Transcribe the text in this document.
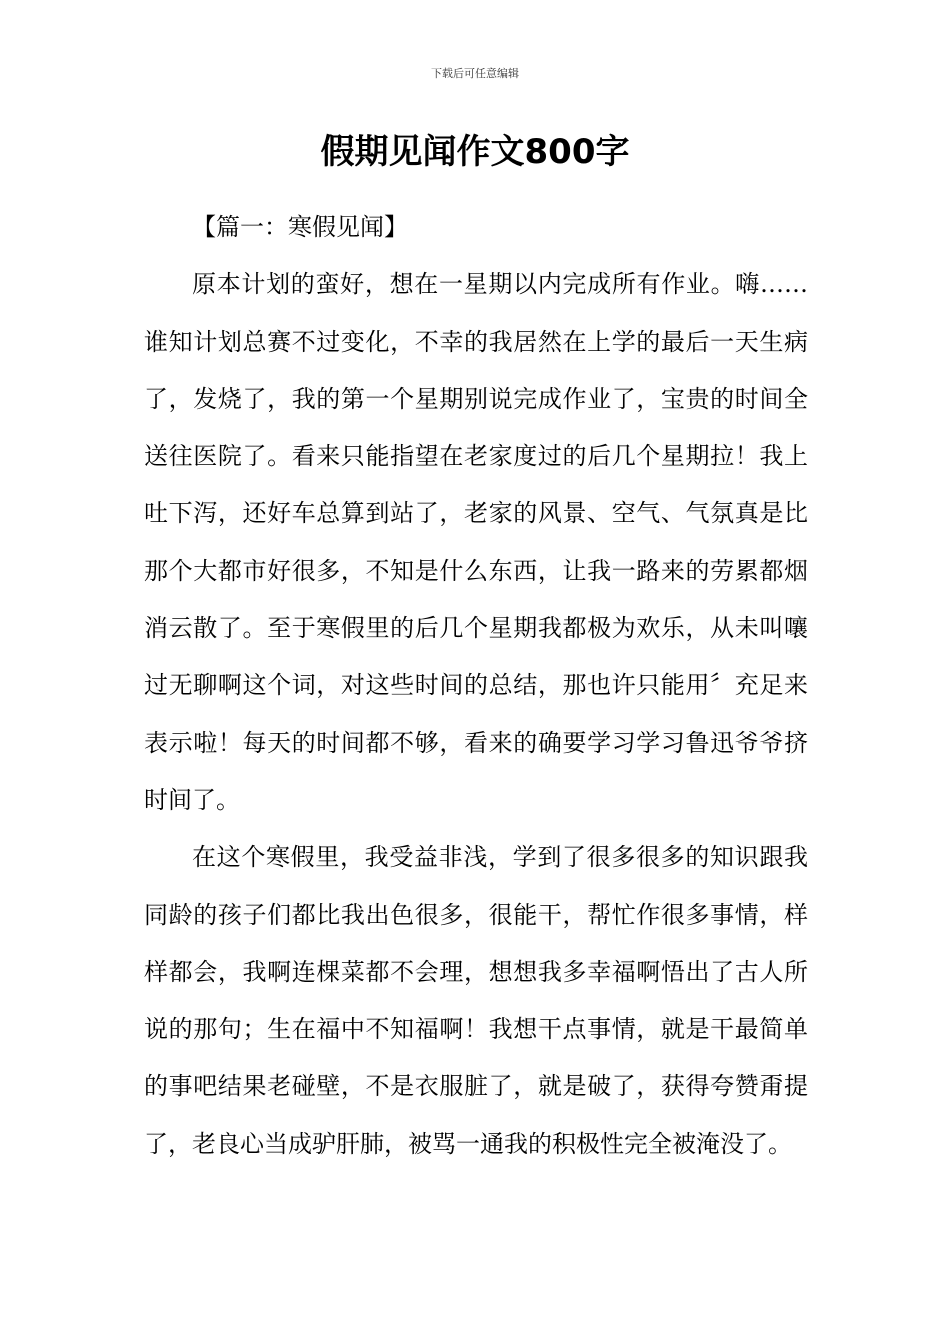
下载后可任意编辑
假期见闻作文800字

【篇一：寒假见闻】

原本计划的蛮好，想在一星期以内完成所有作业。嗨……谁知计划总赛不过变化，不幸的我居然在上学的最后一天生病了，发烧了，我的第一个星期别说完成作业了，宝贵的时间全送往医院了。看来只能指望在老家度过的后几个星期拉！我上吐下泻，还好车总算到站了，老家的风景、空气、气氛真是比那个大都市好很多，不知是什么东西，让我一路来的劳累都烟消云散了。至于寒假里的后几个星期我都极为欢乐，从未叫嚷过无聊啊这个词，对这些时间的总结，那也许只能用〞充足来表示啦！每天的时间都不够，看来的确要学习学习鲁迅爷爷挤时间了。

在这个寒假里，我受益非浅，学到了很多很多的知识跟我同龄的孩子们都比我出色很多，很能干，帮忙作很多事情，样样都会，我啊连棵菜都不会理，想想我多幸福啊悟出了古人所说的那句；生在福中不知福啊！我想干点事情，就是干最简单的事吧结果老碰壁，不是衣服脏了，就是破了，获得夸赞甭提了，老良心当成驴肝肺，被骂一通我的积极性完全被淹没了。
